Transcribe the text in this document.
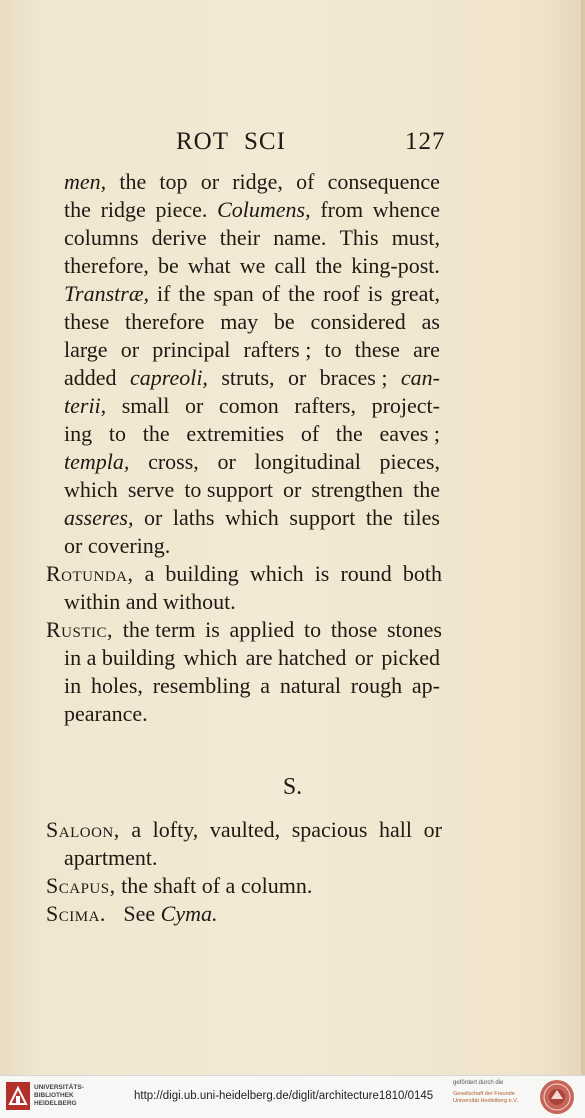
ROT SCI	127
men, the top or ridge, of consequence
the ridge piece. Columens, from whence
columns derive their name. This must,
therefore, be what we call the king-post.
Transtræ, if the span of the roof is great,
these therefore may be considered as
large or principal rafters ; to these are
added capreoli, struts, or braces ; can-
terii, small or comon rafters, project-
ing to the extremities of the eaves ;
templa, cross, or longitudinal pieces,
which serve to support or strengthen the
asseres, or laths which support the tiles
or covering.
Rotunda, a building which is round both
within and without.
Rustic, the term is applied to those stones
in a building which are hatched or picked
in holes, resembling a natural rough ap-
pearance.
S.
Saloon, a lofty, vaulted, spacious hall or
apartment.
Scapus, the shaft of a column.
Scima. See Cyma.
UNIVERSITÄTS-
BIBLIOTHEK
HEIDELBERG
http://digi.ub.uni-heidelberg.de/diglit/architecture1810/0145
gefördert durch die
Gesellschaft der Freunde
Universität Heidelberg e.V.
